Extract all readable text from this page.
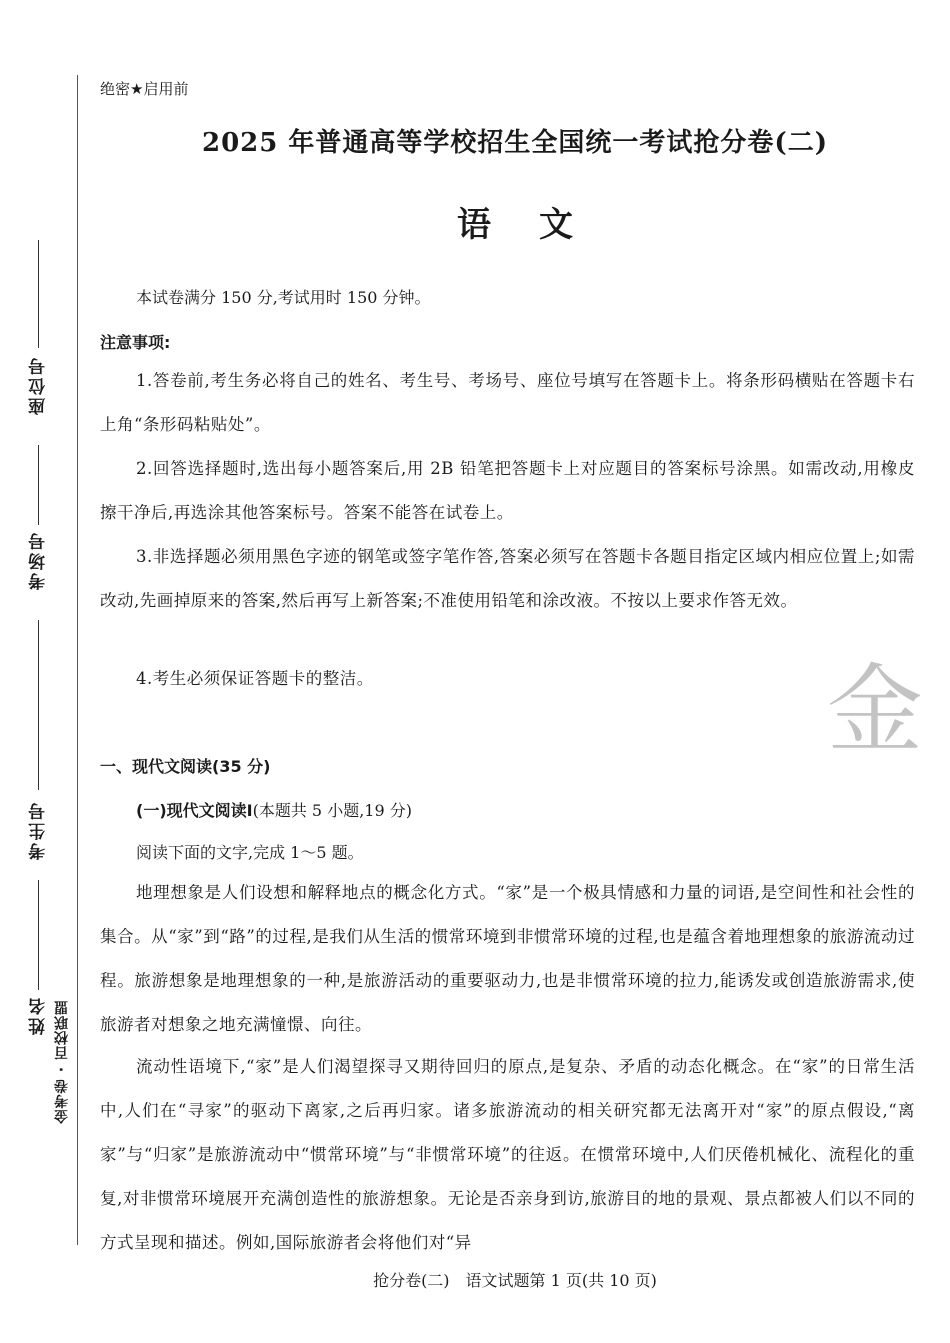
座位号
考场号
考生号
姓名 金考卷 · 百校联盟
绝密★启用前
2025 年普通高等学校招生全国统一考试抢分卷(二)
语 文
本试卷满分 150 分,考试用时 150 分钟。
注意事项:
1.答卷前,考生务必将自己的姓名、考生号、考场号、座位号填写在答题卡上。将条形码横贴在答题卡右上角“条形码粘贴处”。
2.回答选择题时,选出每小题答案后,用 2B 铅笔把答题卡上对应题目的答案标号涂黑。如需改动,用橡皮擦干净后,再选涂其他答案标号。答案不能答在试卷上。
3.非选择题必须用黑色字迹的钢笔或签字笔作答,答案必须写在答题卡各题目指定区域内相应位置上;如需改动,先画掉原来的答案,然后再写上新答案;不准使用铅笔和涂改液。不按以上要求作答无效。
4.考生必须保证答题卡的整洁。	金
一、现代文阅读(35 分)
(一)现代文阅读Ⅰ(本题共 5 小题,19 分)
阅读下面的文字,完成 1～5 题。
地理想象是人们设想和解释地点的概念化方式。“家”是一个极具情感和力量的词语,是空间性和社会性的集合。从“家”到“路”的过程,是我们从生活的惯常环境到非惯常环境的过程,也是蕴含着地理想象的旅游流动过程。旅游想象是地理想象的一种,是旅游活动的重要驱动力,也是非惯常环境的拉力,能诱发或创造旅游需求,使旅游者对想象之地充满憧憬、向往。
流动性语境下,“家”是人们渴望探寻又期待回归的原点,是复杂、矛盾的动态化概念。在“家”的日常生活中,人们在“寻家”的驱动下离家,之后再归家。诸多旅游流动的相关研究都无法离开对“家”的原点假设,“离家”与“归家”是旅游流动中“惯常环境”与“非惯常环境”的往返。在惯常环境中,人们厌倦机械化、流程化的重复,对非惯常环境展开充满创造性的旅游想象。无论是否亲身到访,旅游目的地的景观、景点都被人们以不同的方式呈现和描述。例如,国际旅游者会将他们对“异
抢分卷(二)　语文试题第 1 页(共 10 页)
